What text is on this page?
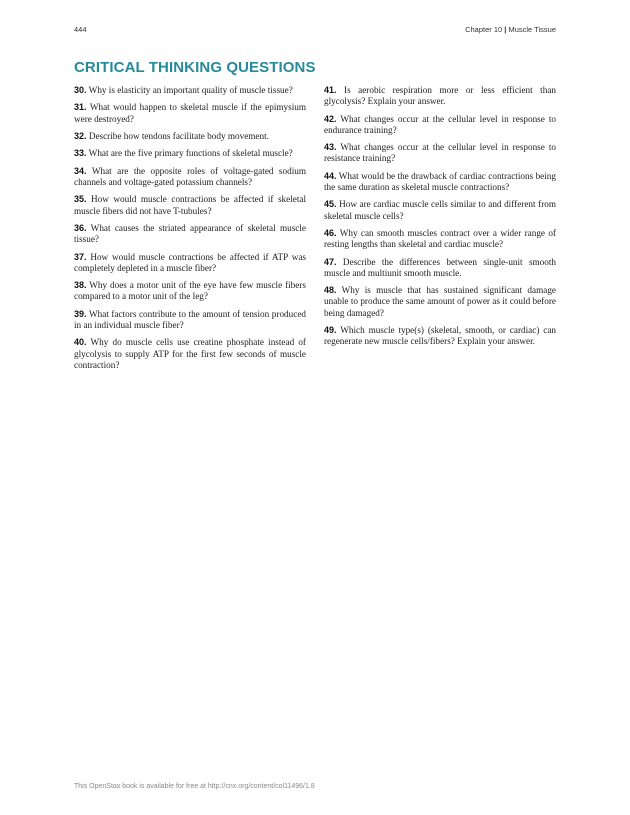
444	Chapter 10 | Muscle Tissue
CRITICAL THINKING QUESTIONS

30. Why is elasticity an important quality of muscle tissue?

31. What would happen to skeletal muscle if the epimysium were destroyed?

32. Describe how tendons facilitate body movement.

33. What are the five primary functions of skeletal muscle?

34. What are the opposite roles of voltage-gated sodium channels and voltage-gated potassium channels?

35. How would muscle contractions be affected if skeletal muscle fibers did not have T-tubules?

36. What causes the striated appearance of skeletal muscle tissue?

37. How would muscle contractions be affected if ATP was completely depleted in a muscle fiber?

38. Why does a motor unit of the eye have few muscle fibers compared to a motor unit of the leg?

39. What factors contribute to the amount of tension produced in an individual muscle fiber?

40. Why do muscle cells use creatine phosphate instead of glycolysis to supply ATP for the first few seconds of muscle contraction?

41. Is aerobic respiration more or less efficient than glycolysis? Explain your answer.

42. What changes occur at the cellular level in response to endurance training?

43. What changes occur at the cellular level in response to resistance training?

44. What would be the drawback of cardiac contractions being the same duration as skeletal muscle contractions?

45. How are cardiac muscle cells similar to and different from skeletal muscle cells?

46. Why can smooth muscles contract over a wider range of resting lengths than skeletal and cardiac muscle?

47. Describe the differences between single-unit smooth muscle and multiunit smooth muscle.

48. Why is muscle that has sustained significant damage unable to produce the same amount of power as it could before being damaged?

49. Which muscle type(s) (skeletal, smooth, or cardiac) can regenerate new muscle cells/fibers? Explain your answer.

This OpenStax book is available for free at http://cnx.org/content/col11496/1.8
